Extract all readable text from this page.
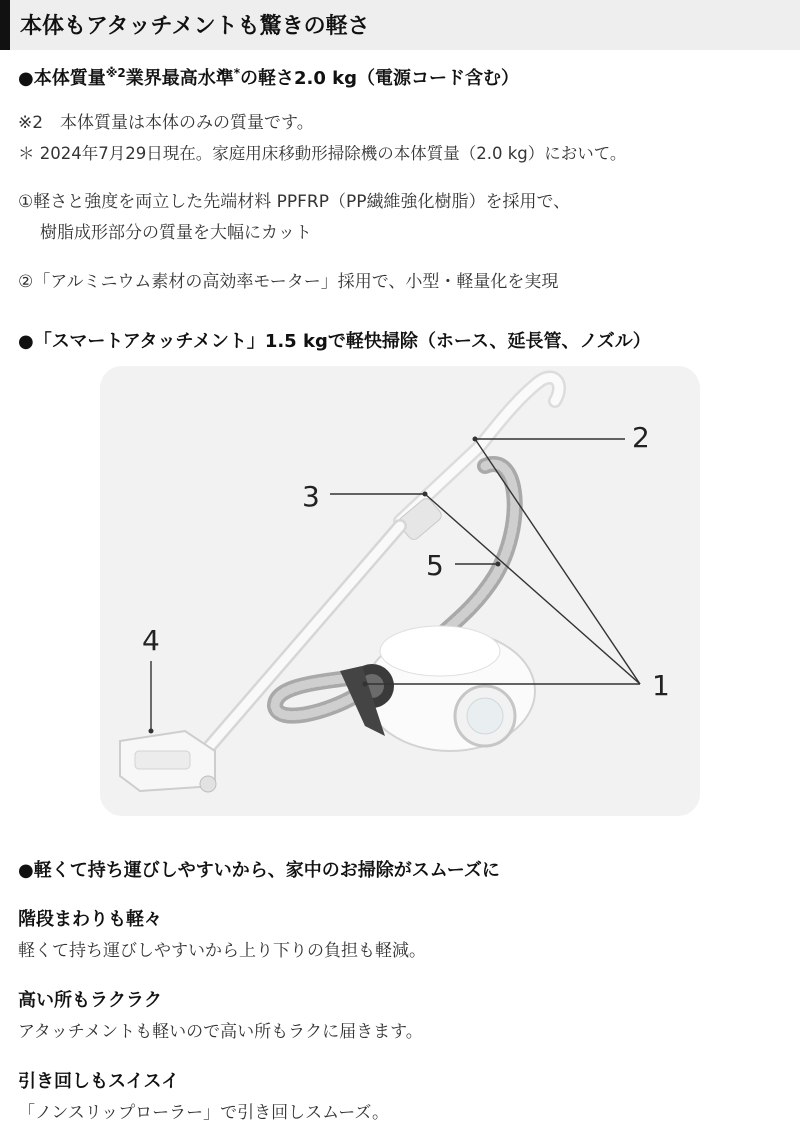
本体もアタッチメントも驚きの軽さ
●本体質量$^{※2}$業界最高水準*の軽さ2.0 kg（電源コード含む）
※2　本体質量は本体のみの質量です。
＊ 2024年7月29日現在。家庭用床移動形掃除機の本体質量（2.0 kg）において。
①軽さと強度を両立した先端材料 PPFRP（PP繊維強化樹脂）を採用で、
樹脂成形部分の質量を大幅にカット
②「アルミニウム素材の高効率モーター」採用で、小型・軽量化を実現
●「スマートアタッチメント」1.5 kgで軽快掃除（ホース、延長管、ノズル）
1
2
3
4
5
●軽くて持ち運びしやすいから、家中のお掃除がスムーズに
階段まわりも軽々
軽くて持ち運びしやすいから上り下りの負担も軽減。
高い所もラクラク
アタッチメントも軽いので高い所もラクに届きます。
引き回しもスイスイ
「ノンスリップローラー」で引き回しスムーズ。
